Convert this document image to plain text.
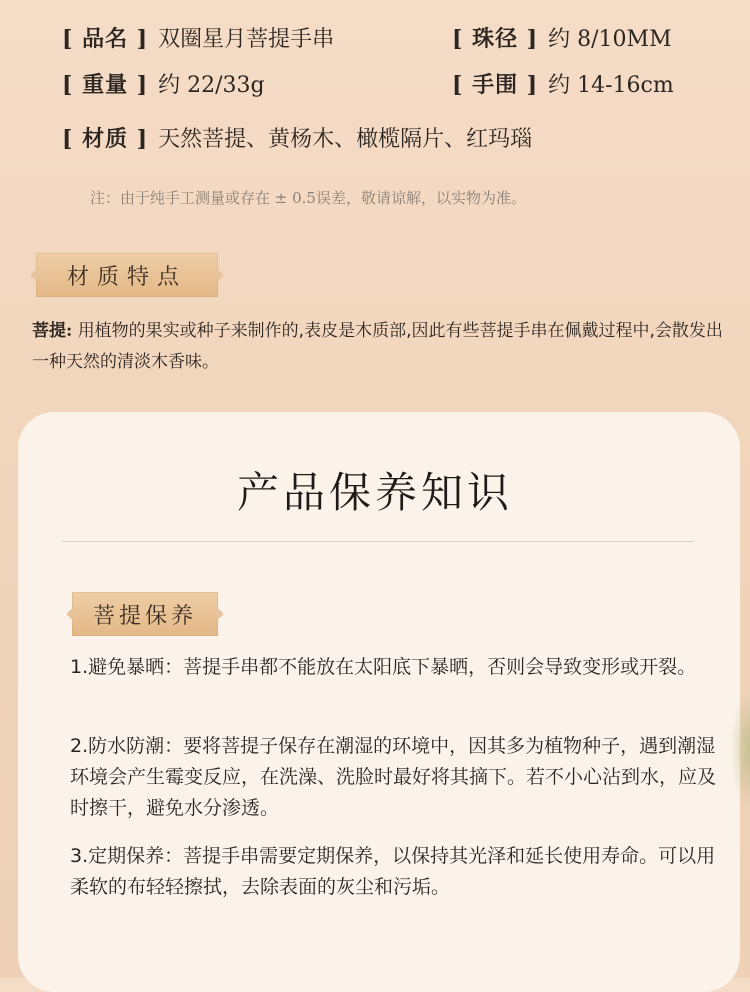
[ 品名 ] 双圈星月菩提手串	[ 珠径 ] 约 8/10MM
[ 重量 ] 约 22/33g	[ 手围 ] 约 14-16cm
[ 材质 ] 天然菩提、黄杨木、橄榄隔片、红玛瑙
注：由于纯手工测量或存在 ± 0.5误差，敬请谅解，以实物为准。
材质特点
菩提: 用植物的果实或种子来制作的,表皮是木质部,因此有些菩提手串在佩戴过程中,会散发出一种天然的清淡木香味。
产品保养知识
菩提保养
1.避免暴晒：菩提手串都不能放在太阳底下暴晒，否则会导致变形或开裂。
2.防水防潮：要将菩提子保存在潮湿的环境中，因其多为植物种子，遇到潮湿环境会产生霉变反应，在洗澡、洗脸时最好将其摘下。若不小心沾到水，应及时擦干，避免水分渗透。
3.定期保养：菩提手串需要定期保养，以保持其光泽和延长使用寿命。可以用柔软的布轻轻擦拭，去除表面的灰尘和污垢。
